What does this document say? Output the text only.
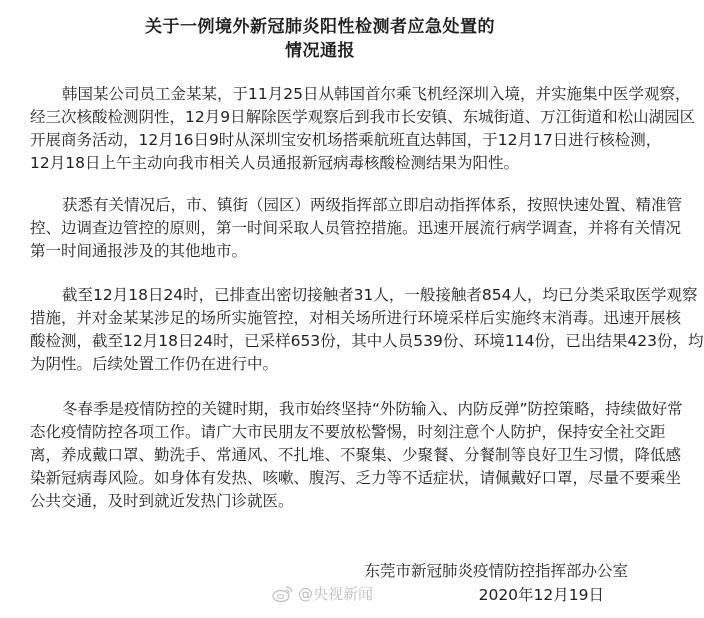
关于一例境外新冠肺炎阳性检测者应急处置的
情况通报
韩国某公司员工金某某，于11月25日从韩国首尔乘飞机经深圳入境，并实施集中医学观察，
经三次核酸检测阴性，12月9日解除医学观察后到我市长安镇、东城街道、万江街道和松山湖园区
开展商务活动，12月16日9时从深圳宝安机场搭乘航班直达韩国，于12月17日进行核检测，
12月18日上午主动向我市相关人员通报新冠病毒核酸检测结果为阳性。
获悉有关情况后，市、镇街（园区）两级指挥部立即启动指挥体系，按照快速处置、精准管
控、边调查边管控的原则，第一时间采取人员管控措施。迅速开展流行病学调查，并将有关情况
第一时间通报涉及的其他地市。
截至12月18日24时，已排查出密切接触者31人，一般接触者854人，均已分类采取医学观察
措施，并对金某某涉足的场所实施管控，对相关场所进行环境采样后实施终末消毒。迅速开展核
酸检测，截至12月18日24时，已采样653份，其中人员539份、环境114份，已出结果423份，均
为阴性。后续处置工作仍在进行中。
冬春季是疫情防控的关键时期，我市始终坚持“外防输入、内防反弹”防控策略，持续做好常
态化疫情防控各项工作。请广大市民朋友不要放松警惕，时刻注意个人防护，保持安全社交距
离，养成戴口罩、勤洗手、常通风、不扎堆、不聚集、少聚餐、分餐制等良好卫生习惯，降低感
染新冠病毒风险。如身体有发热、咳嗽、腹泻、乏力等不适症状，请佩戴好口罩，尽量不要乘坐
公共交通，及时到就近发热门诊就医。
东莞市新冠肺炎疫情防控指挥部办公室
@央视新闻	2020年12月19日
